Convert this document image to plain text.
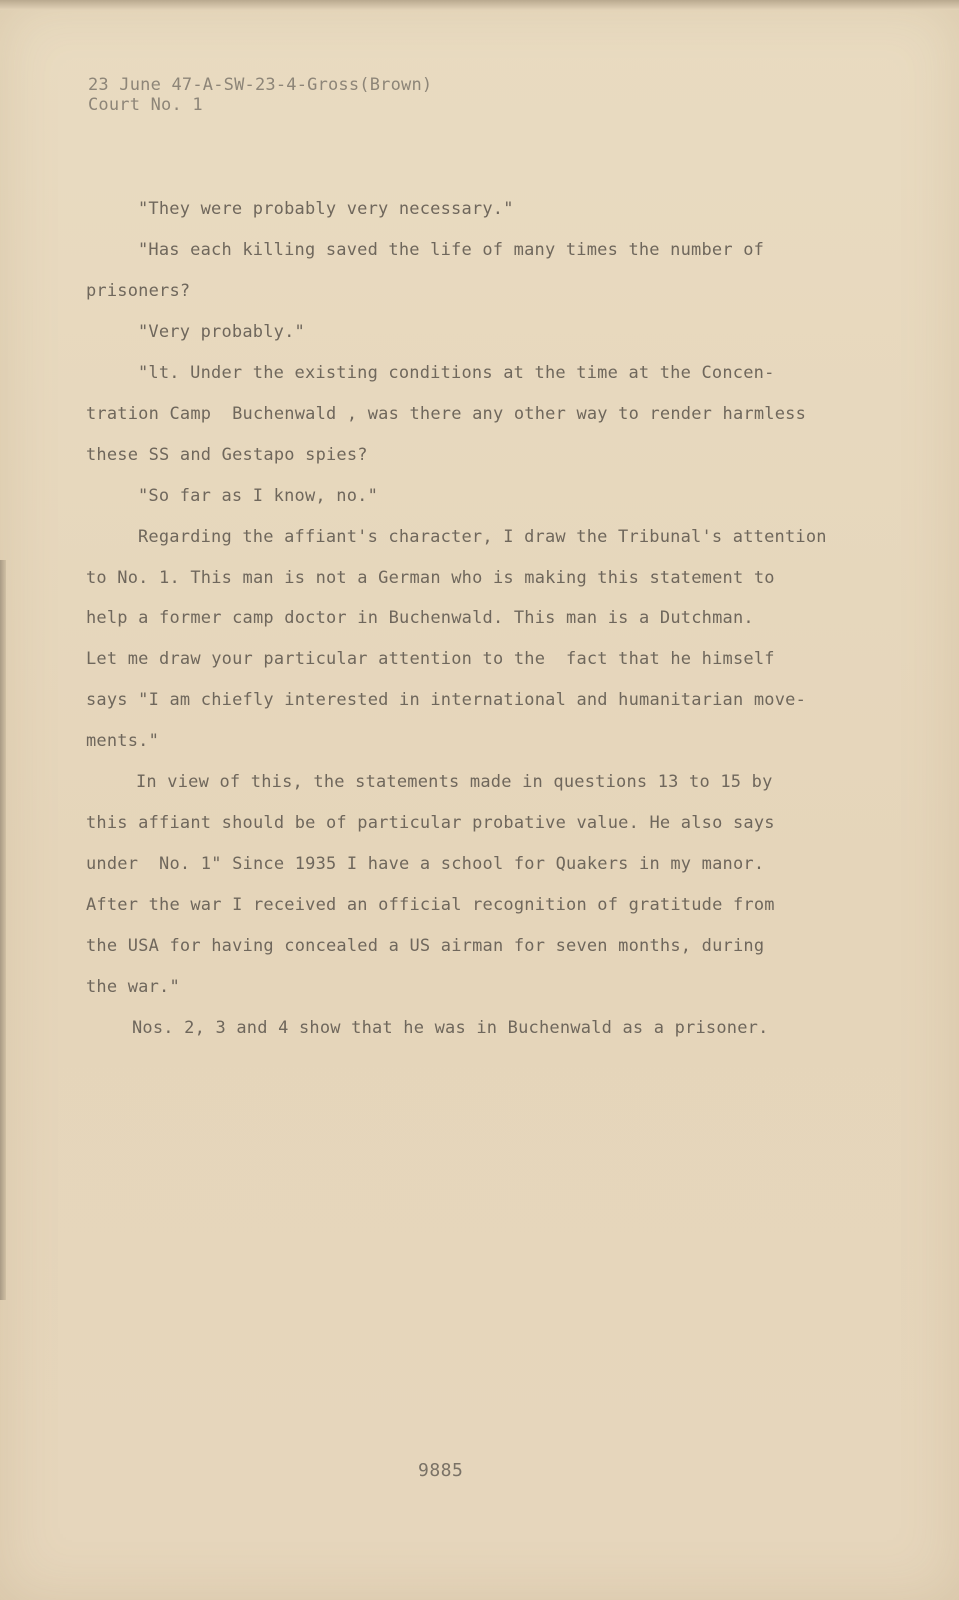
23 June 47-A-SW-23-4-Gross(Brown)

Court No. 1

"They were probably very necessary."

"Has each killing saved the life of many times the number of

prisoners?

"Very probably."

"lt. Under the existing conditions at the time at the Concen-

tration Camp  Buchenwald , was there any other way to render harmless

these SS and Gestapo spies?

"So far as I know, no."

Regarding the affiant's character, I draw the Tribunal's attention

to No. 1. This man is not a German who is making this statement to

help a former camp doctor in Buchenwald. This man is a Dutchman.

Let me draw your particular attention to the  fact that he himself

says "I am chiefly interested in international and humanitarian move-

ments."

In view of this, the statements made in questions 13 to 15 by

this affiant should be of particular probative value. He also says

under  No. 1" Since 1935 I have a school for Quakers in my manor.

After the war I received an official recognition of gratitude from

the USA for having concealed a US airman for seven months, during

the war."

Nos. 2, 3 and 4 show that he was in Buchenwald as a prisoner.

9885
